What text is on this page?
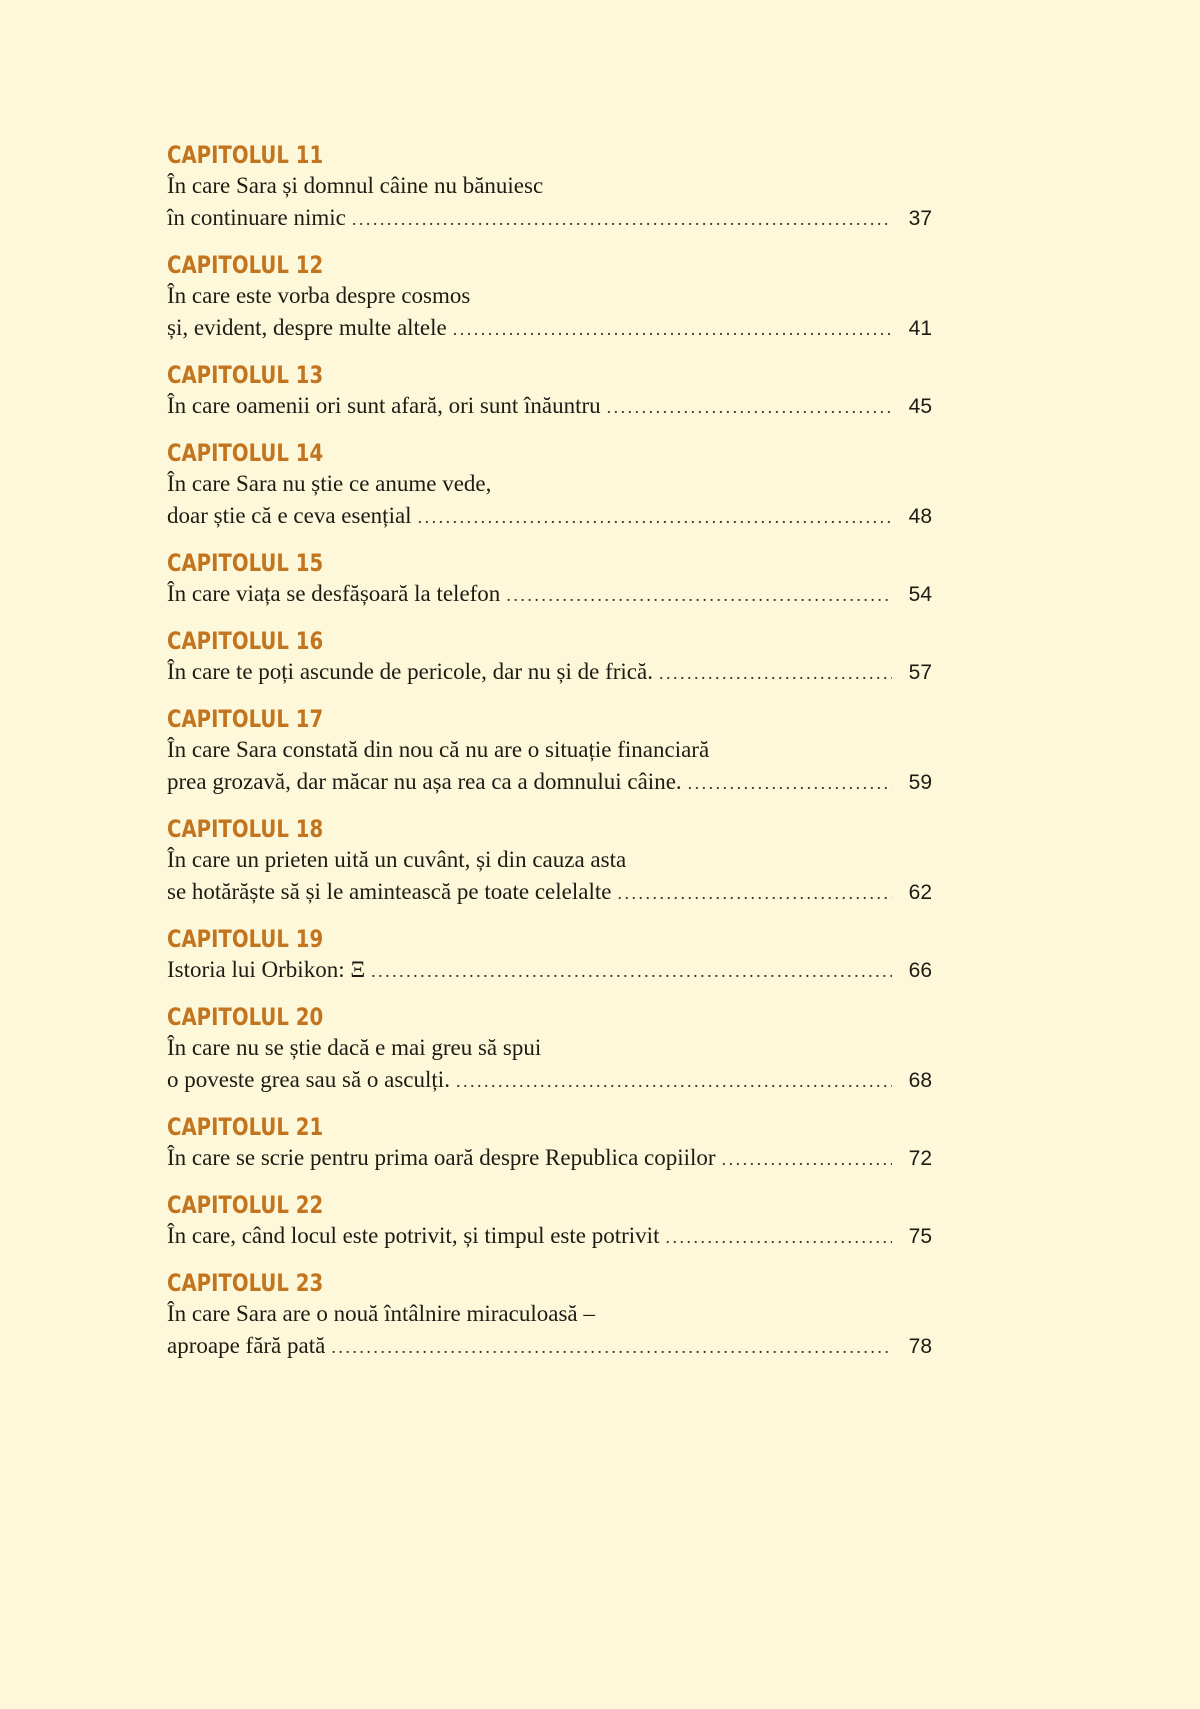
CAPITOLUL 11
În care Sara și domnul câine nu bănuiesc
în continuare nimic . . .	37
CAPITOLUL 12
În care este vorba despre cosmos
și, evident, despre multe altele . . .	41
CAPITOLUL 13
În care oamenii ori sunt afară, ori sunt înăuntru . . .	45
CAPITOLUL 14
În care Sara nu știe ce anume vede,
doar știe că e ceva esențial . . .	48
CAPITOLUL 15
În care viața se desfășoară la telefon . . .	54
CAPITOLUL 16
În care te poți ascunde de pericole, dar nu și de frică. . . .	57
CAPITOLUL 17
În care Sara constată din nou că nu are o situație financiară
prea grozavă, dar măcar nu așa rea ca a domnului câine. . . .	59
CAPITOLUL 18
În care un prieten uită un cuvânt, și din cauza asta
se hotărăște să și le amintească pe toate celelalte . . .	62
CAPITOLUL 19
Istoria lui Orbikon: Ξ . . .	66
CAPITOLUL 20
În care nu se știe dacă e mai greu să spui
o poveste grea sau să o asculți. . . .	68
CAPITOLUL 21
În care se scrie pentru prima oară despre Republica copiilor . . .	72
CAPITOLUL 22
În care, când locul este potrivit, și timpul este potrivit . . .	75
CAPITOLUL 23
În care Sara are o nouă întâlnire miraculoasă –
aproape fără pată . . .	78
